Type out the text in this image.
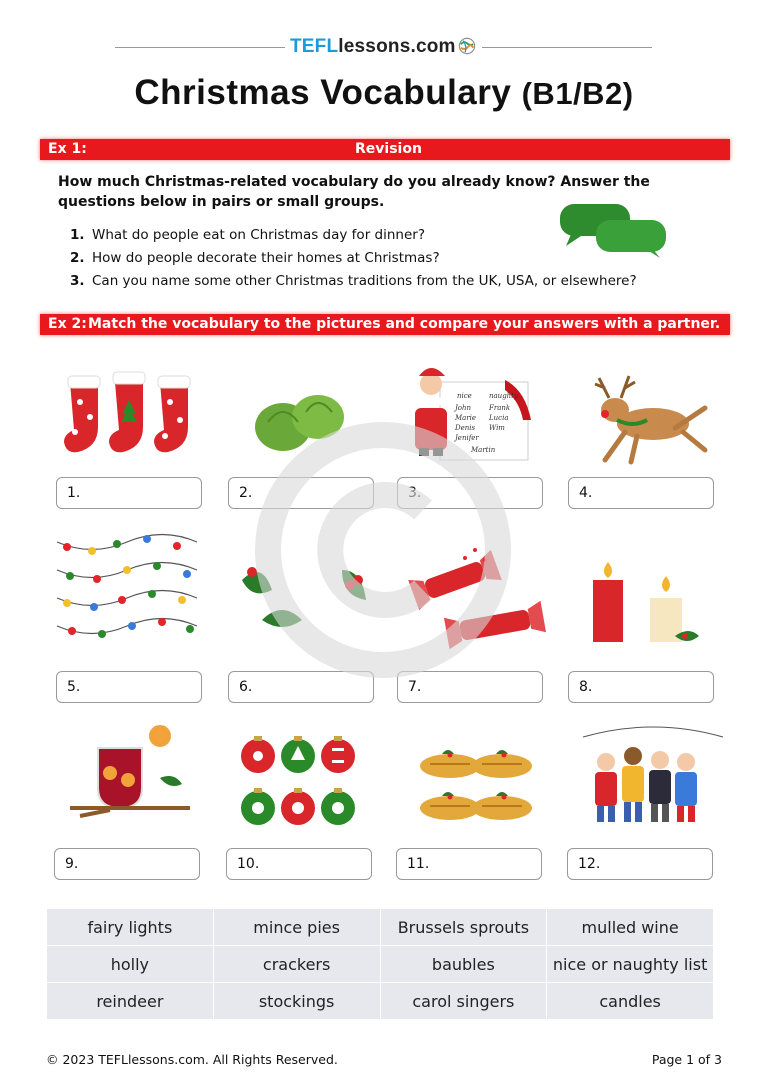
TEFLlessons.com
Christmas Vocabulary (B1/B2)
Ex 1:	Revision
How much Christmas-related vocabulary do you already know? Answer the questions below in pairs or small groups.
1. What do people eat on Christmas day for dinner?
2. How do people decorate their homes at Christmas?
3. Can you name some other Christmas traditions from the UK, USA, or elsewhere?
Ex 2: Match the vocabulary to the pictures and compare your answers with a partner.
nice naughty
John	Frank
Marie Lucia
Denis Wim
Jenifer
Martin
1.	2.	3.	4.
5.	6.	7.	8.
9.	10.	11.	12.
fairy lights	mince pies	Brussels sprouts	mulled wine
holly	crackers	baubles	nice or naughty list
reindeer	stockings	carol singers	candles
© 2023 TEFLlessons.com. All Rights Reserved.	Page 1 of 3
